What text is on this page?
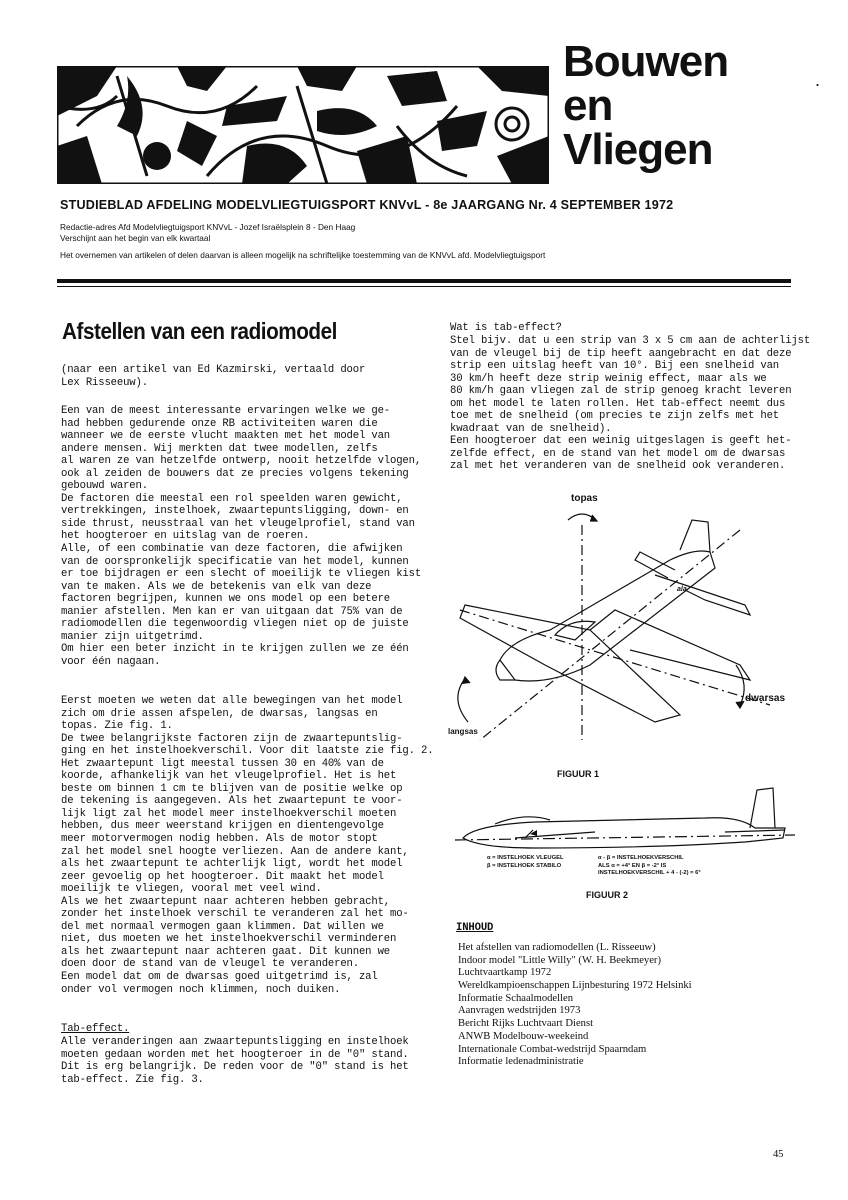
Bouwen
en
Vliegen
.
STUDIEBLAD AFDELING MODELVLIEGTUIGSPORT KNVvL - 8e JAARGANG Nr. 4 SEPTEMBER 1972
Redactie-adres Afd Modelvliegtuigsport KNVvL - Jozef Israëlsplein 8 - Den Haag
Verschijnt aan het begin van elk kwartaal
Het overnemen van artikelen of delen daarvan is alleen mogelijk na schriftelijke toestemming van de KNVvL afd. Modelvliegtuigsport
Afstellen van een radiomodel
(naar een artikel van Ed Kazmirski, vertaald door
Lex Risseeuw).
Een van de meest interessante ervaringen welke we ge-
had hebben gedurende onze RB activiteiten waren die
wanneer we de eerste vlucht maakten met het model van
andere mensen. Wij merkten dat twee modellen, zelfs
al waren ze van hetzelfde ontwerp, nooit hetzelfde vlogen,
ook al zeiden de bouwers dat ze precies volgens tekening
gebouwd waren.
De factoren die meestal een rol speelden waren gewicht,
vertrekkingen, instelhoek, zwaartepuntsligging, down- en
side thrust, neusstraal van het vleugelprofiel, stand van
het hoogteroer en uitslag van de roeren.
Alle, of een combinatie van deze factoren, die afwijken
van de oorspronkelijk specificatie van het model, kunnen
er toe bijdragen er een slecht of moeilijk te vliegen kist
van te maken. Als we de betekenis van elk van deze
factoren begrijpen, kunnen we ons model op een betere
manier afstellen. Men kan er van uitgaan dat 75% van de
radiomodellen die tegenwoordig vliegen niet op de juiste
manier zijn uitgetrimd.
Om hier een beter inzicht in te krijgen zullen we ze één
voor één nagaan.
Eerst moeten we weten dat alle bewegingen van het model
zich om drie assen afspelen, de dwarsas, langsas en
topas. Zie fig. 1.
De twee belangrijkste factoren zijn de zwaartepuntslig-
ging en het instelhoekverschil. Voor dit laatste zie fig. 2.
Het zwaartepunt ligt meestal tussen 30 en 40% van de
koorde, afhankelijk van het vleugelprofiel. Het is het
beste om binnen 1 cm te blijven van de positie welke op
de tekening is aangegeven. Als het zwaartepunt te voor-
lijk ligt zal het model meer instelhoekverschil moeten
hebben, dus meer weerstand krijgen en dientengevolge
meer motorvermogen nodig hebben. Als de motor stopt
zal het model snel hoogte verliezen. Aan de andere kant,
als het zwaartepunt te achterlijk ligt, wordt het model
zeer gevoelig op het hoogteroer. Dit maakt het model
moeilijk te vliegen, vooral met veel wind.
Als we het zwaartepunt naar achteren hebben gebracht,
zonder het instelhoek verschil te veranderen zal het mo-
del met normaal vermogen gaan klimmen. Dat willen we
niet, dus moeten we het instelhoekverschil verminderen
als het zwaartepunt naar achteren gaat. Dit kunnen we
doen door de stand van de vleugel te veranderen.
Een model dat om de dwarsas goed uitgetrimd is, zal
onder vol vermogen noch klimmen, noch duiken.
Tab-effect.
Alle veranderingen aan zwaartepuntsligging en instelhoek
moeten gedaan worden met het hoogteroer in de "0" stand.
Dit is erg belangrijk. De reden voor de "0" stand is het
tab-effect. Zie fig. 3.
Wat is tab-effect?
Stel bijv. dat u een strip van 3 x 5 cm aan de achterlijst
van de vleugel bij de tip heeft aangebracht en dat deze
strip een uitslag heeft van 10°. Bij een snelheid van
30 km/h heeft deze strip weinig effect, maar als we
80 km/h gaan vliegen zal de strip genoeg kracht leveren
om het model te laten rollen. Het tab-effect neemt dus
toe met de snelheid (om precies te zijn zelfs met het
kwadraat van de snelheid).
Een hoogteroer dat een weinig uitgeslagen is geeft het-
zelfde effect, en de stand van het model om de dwarsas
zal met het veranderen van de snelheid ook veranderen.
topas
dwarsas
langsas
ala
FIGUUR 1
α = INSTELHOEK VLEUGEL
β = INSTELHOEK STABILO
α - β = INSTELHOEKVERSCHIL
ALS α = +4° EN β = -2° IS
INSTELHOEKVERSCHIL + 4 - (-2) = 6°
FIGUUR 2
INHOUD
Het afstellen van radiomodellen (L. Risseeuw)
Indoor model "Little Willy" (W. H. Beekmeyer)
Luchtvaartkamp 1972
Wereldkampioenschappen Lijnbesturing 1972 Helsinki
Informatie Schaalmodellen
Aanvragen wedstrijden 1973
Bericht Rijks Luchtvaart Dienst
ANWB Modelbouw-weekeind
Internationale Combat-wedstrijd Spaarndam
Informatie ledenadministratie
45
